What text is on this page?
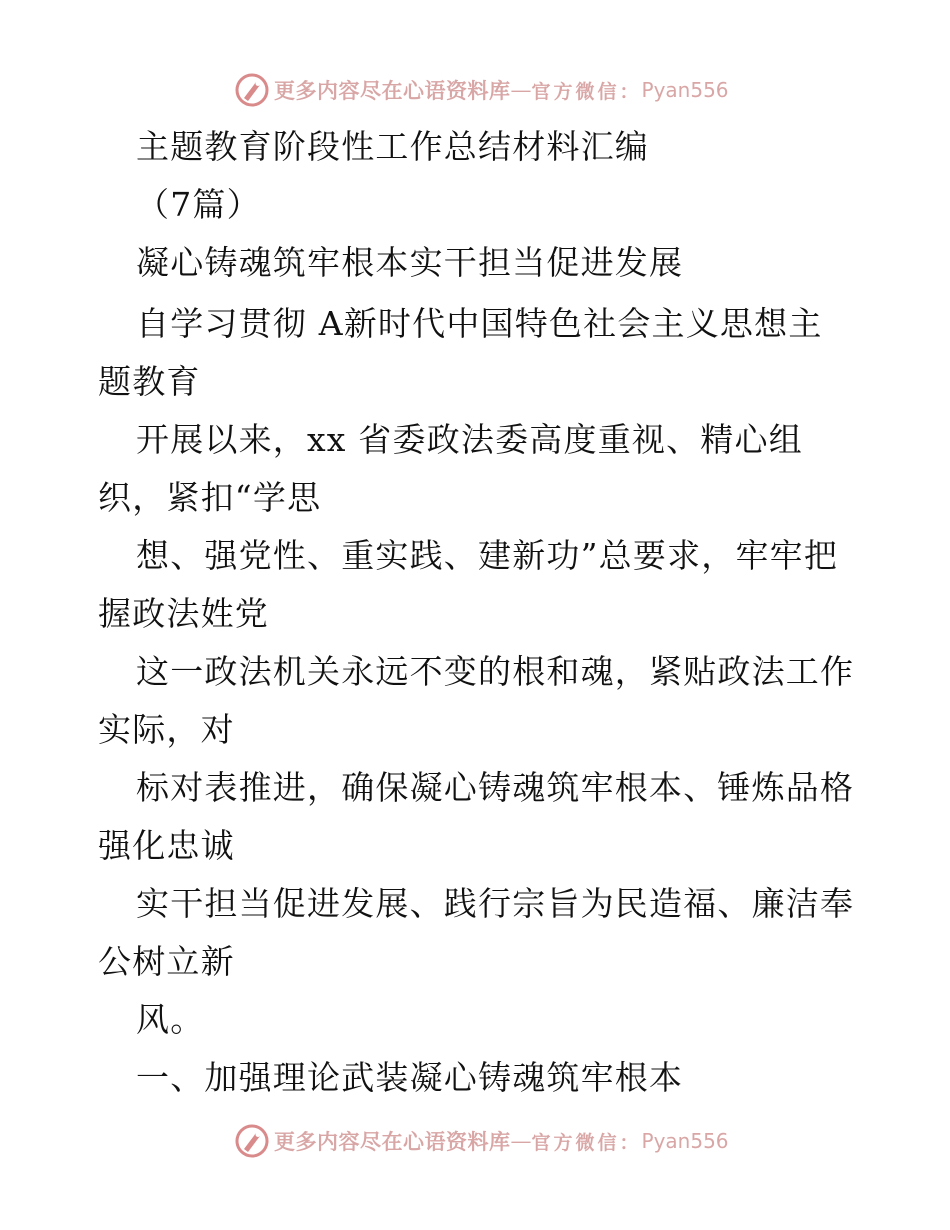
更多内容尽在心语资料库 — 官方微信： Pyan556
主题教育阶段性工作总结材料汇编
（7篇）
凝心铸魂筑牢根本实干担当促进发展
自学习贯彻 A新时代中国特色社会主义思想主
题教育
开展以来，xx 省委政法委高度重视、精心组
织，紧扣“学思
想、强党性、重实践、建新功”总要求，牢牢把
握政法姓党
这一政法机关永远不变的根和魂，紧贴政法工作
实际，对
标对表推进，确保凝心铸魂筑牢根本、锤炼品格
强化忠诚
实干担当促进发展、践行宗旨为民造福、廉洁奉
公树立新
风。
一、加强理论武装凝心铸魂筑牢根本
更多内容尽在心语资料库 — 官方微信： Pyan556
